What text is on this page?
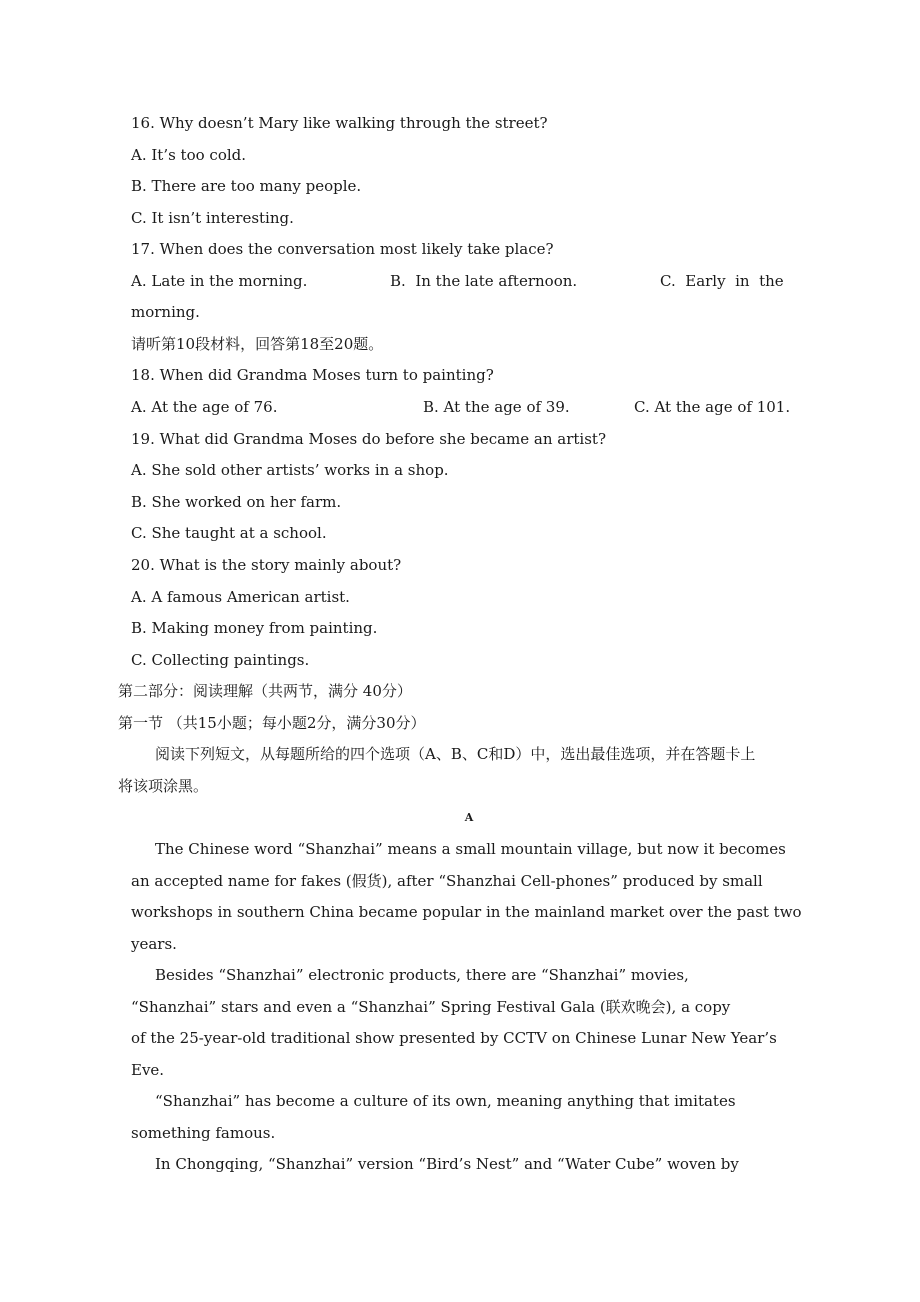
16. Why doesn’t Mary like walking through the street?
A. It’s too cold.
B. There are too many people.
C. It isn’t interesting.
17. When does the conversation most likely take place?
A. Late in the morning.	B.  In the late afternoon.	C.  Early  in  the
morning.
请听第10段材料，回答第18至20题。
18. When did Grandma Moses turn to painting?
A. At the age of 76.	B. At the age of 39.	C. At the age of 101.
19. What did Grandma Moses do before she became an artist?
A. She sold other artists’ works in a shop.
B. She worked on her farm.
C. She taught at a school.
20. What is the story mainly about?
A. A famous American artist.
B. Making money from painting.
C. Collecting paintings.
第二部分：阅读理解（共两节，满分 40分）
第一节 （共15小题；每小题2分，满分30分）
阅读下列短文，从每题所给的四个选项（A、B、C和D）中，选出最佳选项，并在答题卡上
将该项涂黑。
A
The Chinese word “Shanzhai” means a small mountain village, but now it becomes
an accepted name for fakes (假货), after “Shanzhai Cell-phones” produced by small
workshops in southern China became popular in the mainland market over the past two
years.
Besides “Shanzhai” electronic products, there are “Shanzhai” movies,
“Shanzhai” stars and even a “Shanzhai” Spring Festival Gala (联欢晚会), a copy
of the 25-year-old traditional show presented by CCTV on Chinese Lunar New Year’s
Eve.
“Shanzhai” has become a culture of its own, meaning anything that imitates
something famous.
In Chongqing, “Shanzhai” version “Bird’s Nest” and “Water Cube” woven by
